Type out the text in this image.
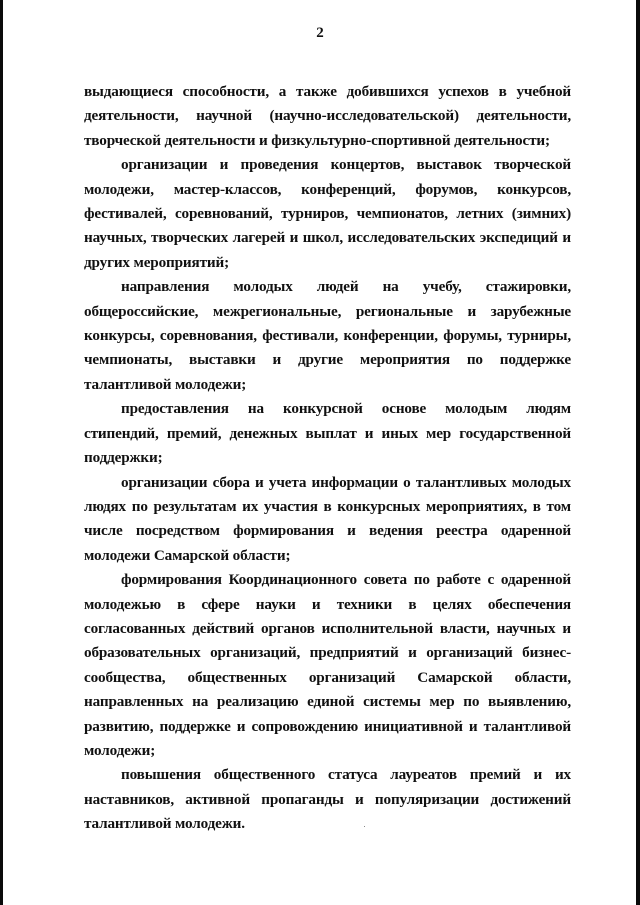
2

выдающиеся способности, а также добившихся успехов в учебной деятельности, научной (научно-исследовательской) деятельности, творческой деятельности и физкультурно-спортивной деятельности;

организации и проведения концертов, выставок творческой молодежи, мастер-классов, конференций, форумов, конкурсов, фестивалей, соревнований, турниров, чемпионатов, летних (зимних) научных, творческих лагерей и школ, исследовательских экспедиций и других мероприятий;

направления молодых людей на учебу, стажировки, общероссийские, межрегиональные, региональные и зарубежные конкурсы, соревнования, фестивали, конференции, форумы, турниры, чемпионаты, выставки и другие мероприятия по поддержке талантливой молодежи;

предоставления на конкурсной основе молодым людям стипендий, премий, денежных выплат и иных мер государственной поддержки;

организации сбора и учета информации о талантливых молодых людях по результатам их участия в конкурсных мероприятиях, в том числе посредством формирования и ведения реестра одаренной молодежи Самарской области;

формирования Координационного совета по работе с одаренной молодежью в сфере науки и техники в целях обеспечения согласованных действий органов исполнительной власти, научных и образовательных организаций, предприятий и организаций бизнес-сообщества, общественных организаций Самарской области, направленных на реализацию единой системы мер по выявлению, развитию, поддержке и сопровождению инициативной и талантливой молодежи;

повышения общественного статуса лауреатов премий и их наставников, активной пропаганды и популяризации достижений талантливой молодежи.
